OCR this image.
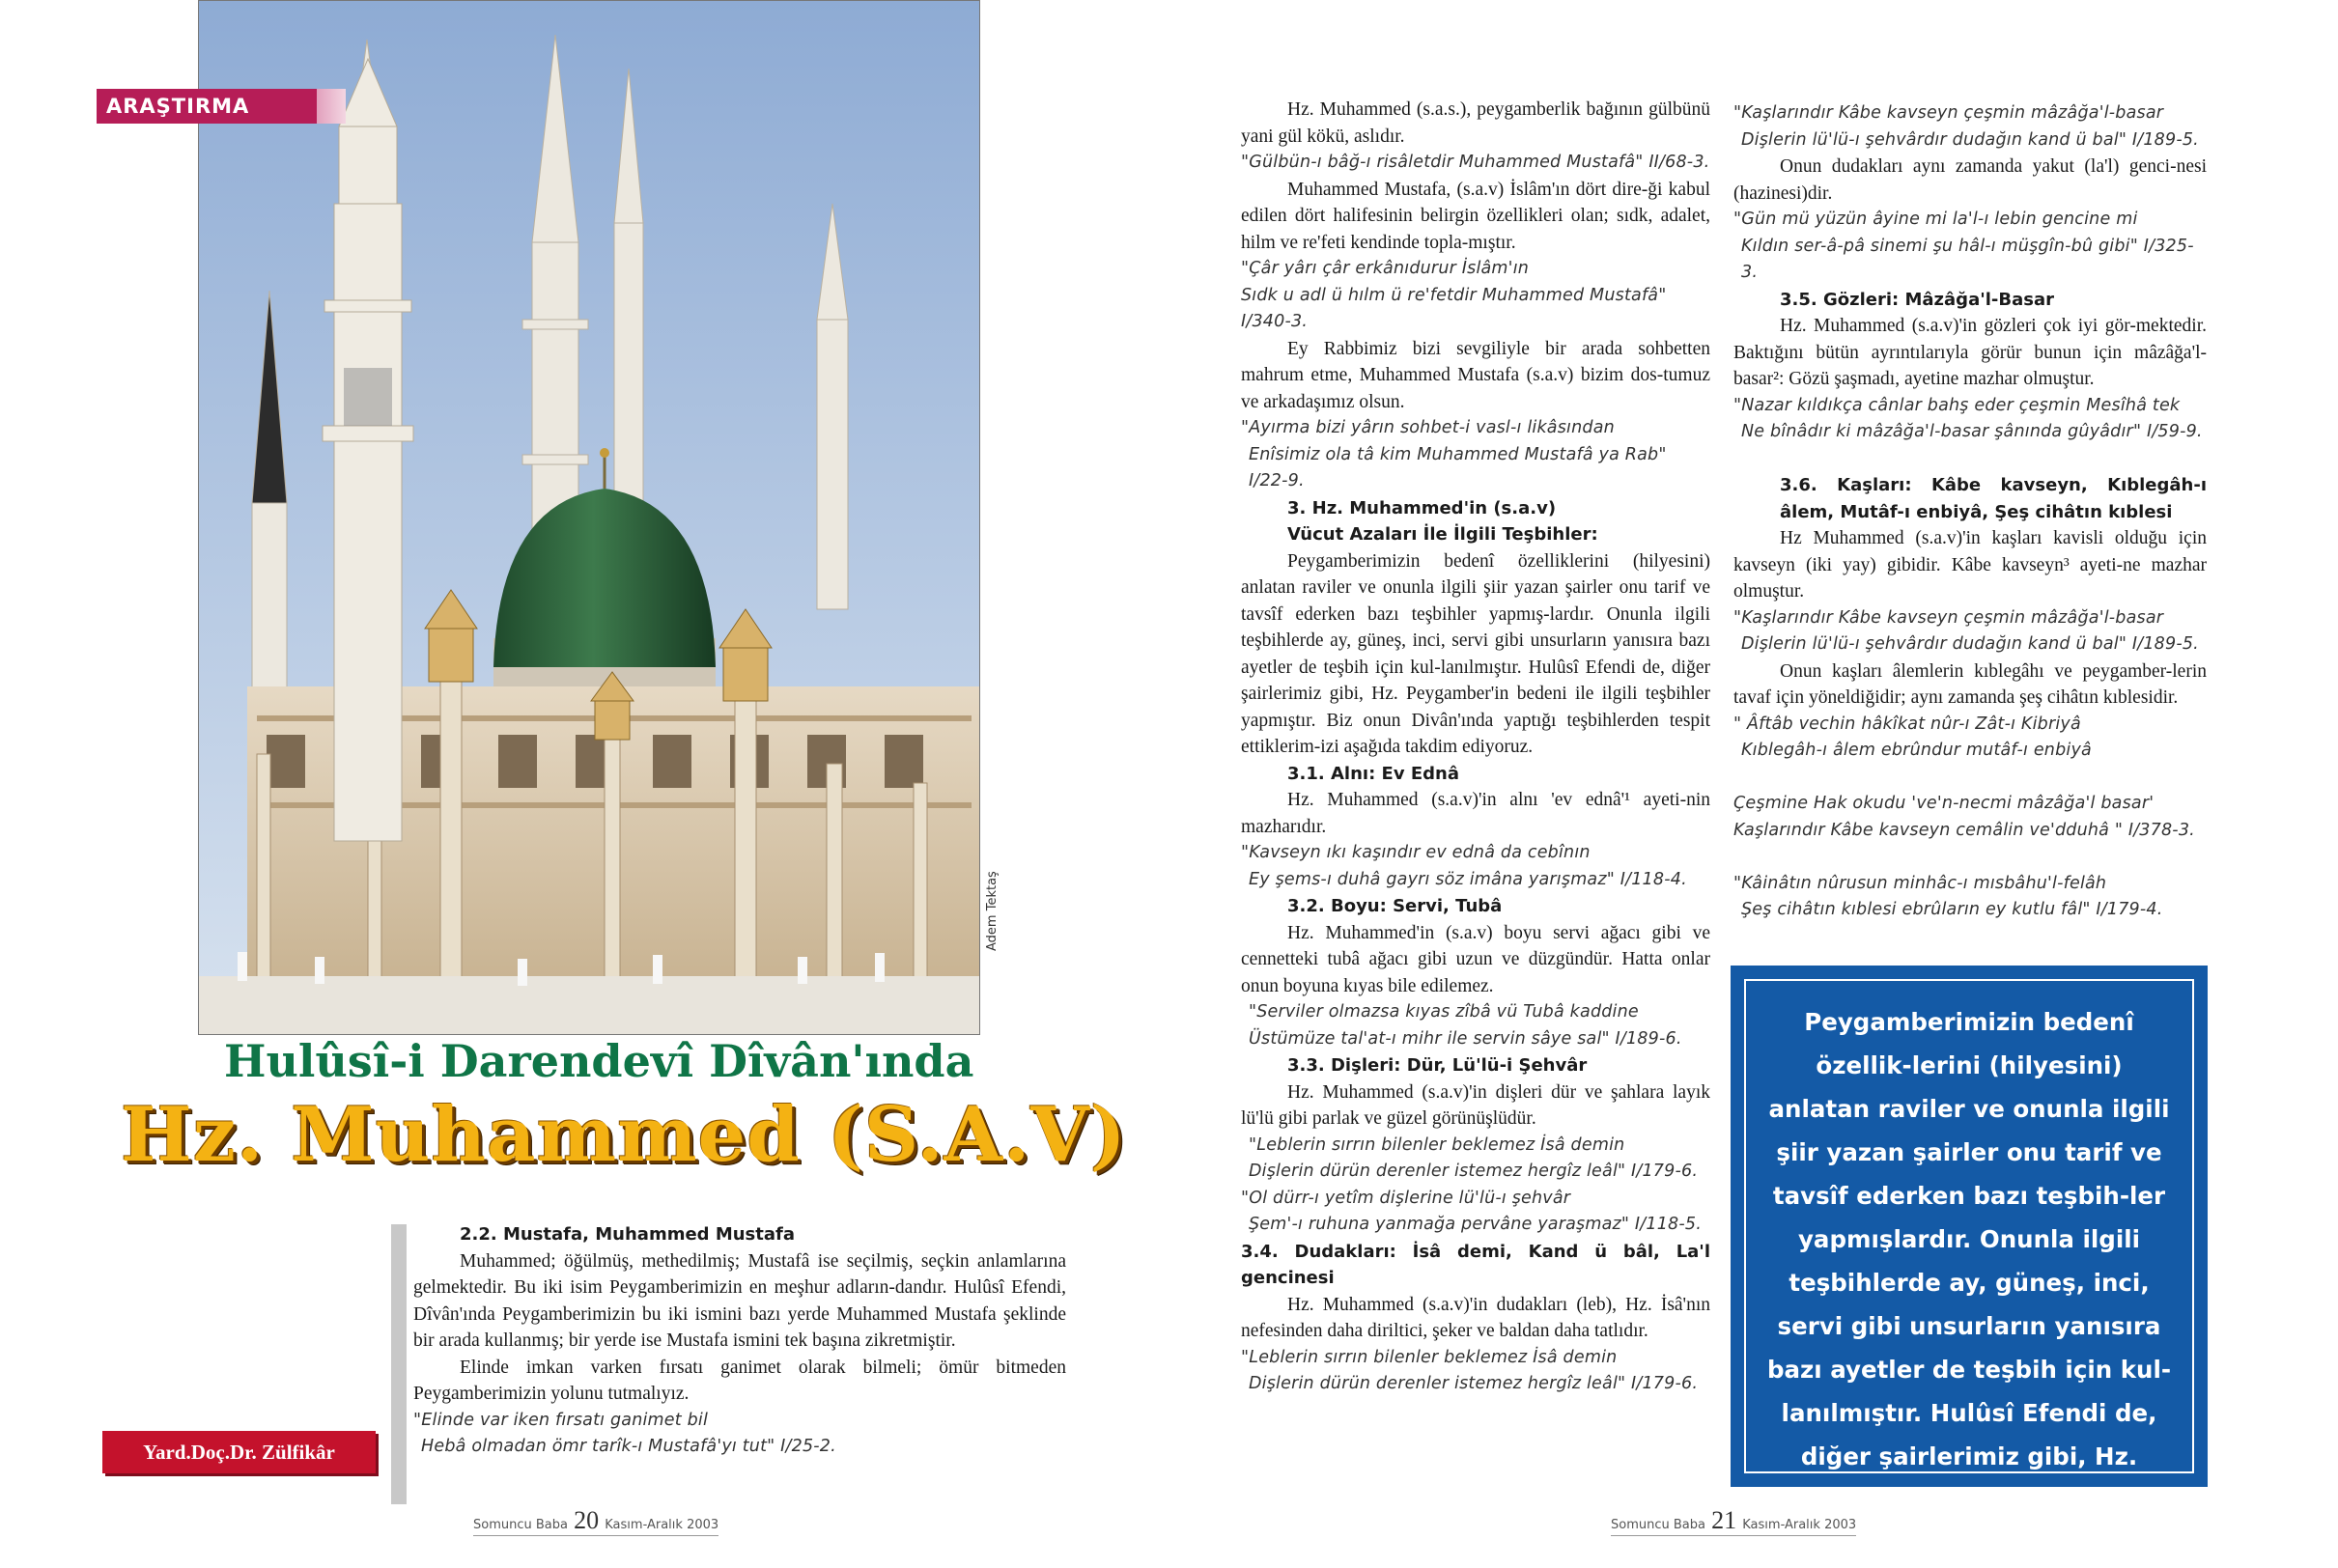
ARAŞTIRMA
Adem Tektaş
Hulûsî-i Darendevî Dîvân'ında
Hz. Muhammed (S.A.V)
Yard.Doç.Dr. Zülfikâr GÜNGÖR
2.2. Mustafa, Muhammed Mustafa

Muhammed; öğülmüş, methedilmiş; Mustafâ ise seçilmiş, seçkin anlamlarına gelmektedir. Bu iki isim Peygamberimizin en meşhur adların-dandır. Hulûsî Efendi, Dîvân'ında Peygamberimizin bu iki ismini bazı yerde Muhammed Mustafa şeklinde bir arada kullanmış; bir yerde ise Mustafa ismini tek başına zikretmiştir.

Elinde imkan varken fırsatı ganimet olarak bilmeli; ömür bitmeden Peygamberimizin yolunu tutmalıyız.

"Elinde var iken fırsatı ganimet bil

Hebâ olmadan ömr tarîk-ı Mustafâ'yı tut" I/25-2.

Somuncu Baba 20 Kasım-Aralık 2003

Hz. Muhammed (s.a.s.), peygamberlik bağının gülbünü yani gül kökü, aslıdır.

"Gülbün-ı bâğ-ı risâletdir Muhammed Mustafâ" II/68-3.

Muhammed Mustafa, (s.a.v) İslâm'ın dört dire-ği kabul edilen dört halifesinin belirgin özellikleri olan; sıdk, adalet, hilm ve re'feti kendinde topla-mıştır.

"Çâr yârı çâr erkânıdurur İslâm'ın

Sıdk u adl ü hılm ü re'fetdir Muhammed Mustafâ" I/340-3.

Ey Rabbimiz bizi sevgiliyle bir arada sohbetten mahrum etme, Muhammed Mustafa (s.a.v) bizim dos-tumuz ve arkadaşımız olsun.

"Ayırma bizi yârın sohbet-i vasl-ı likâsından

Enîsimiz ola tâ kim Muhammed Mustafâ ya Rab" I/22-9.

3. Hz. Muhammed'in (s.a.v)
Vücut Azaları İle İlgili Teşbihler:

Peygamberimizin bedenî özelliklerini (hilyesini) anlatan raviler ve onunla ilgili şiir yazan şairler onu tarif ve tavsîf ederken bazı teşbihler yapmış-lardır. Onunla ilgili teşbihlerde ay, güneş, inci, servi gibi unsurların yanısıra bazı ayetler de teşbih için kul-lanılmıştır. Hulûsî Efendi de, diğer şairlerimiz gibi, Hz. Peygamber'in bedeni ile ilgili teşbihler yapmıştır. Biz onun Divân'ında yaptığı teşbihlerden tespit ettiklerim-izi aşağıda takdim ediyoruz.

3.1. Alnı: Ev Ednâ

Hz. Muhammed (s.a.v)'in alnı 'ev ednâ'¹ ayeti-nin mazharıdır.

"Kavseyn ıkı kaşındır ev ednâ da cebînın

Ey şems-ı duhâ gayrı söz imâna yarışmaz" I/118-4.

3.2. Boyu: Servi, Tubâ

Hz. Muhammed'in (s.a.v) boyu servi ağacı gibi ve cennetteki tubâ ağacı gibi uzun ve düzgündür. Hatta onlar onun boyuna kıyas bile edilemez.

"Serviler olmazsa kıyas zîbâ vü Tubâ kaddine

Üstümüze tal'at-ı mihr ile servin sâye sal" I/189-6.

3.3. Dişleri: Dür, Lü'lü-i Şehvâr

Hz. Muhammed (s.a.v)'in dişleri dür ve şahlara layık lü'lü gibi parlak ve güzel görünüşlüdür.

"Leblerin sırrın bilenler beklemez İsâ demin

Dişlerin dürün derenler istemez hergîz leâl" I/179-6.

"Ol dürr-ı yetîm dişlerine lü'lü-ı şehvâr

Şem'-ı ruhuna yanmağa pervâne yaraşmaz" I/118-5.

3.4. Dudakları: İsâ demi, Kand ü bâl, La'l gencinesi

Hz. Muhammed (s.a.v)'in dudakları (leb), Hz. İsâ'nın nefesinden daha diriltici, şeker ve baldan daha tatlıdır.

"Leblerin sırrın bilenler beklemez İsâ demin

Dişlerin dürün derenler istemez hergîz leâl" I/179-6.

"Kaşlarındır Kâbe kavseyn çeşmin mâzâğa'l-basar

Dişlerin lü'lü-ı şehvârdır dudağın kand ü bal" I/189-5.

Onun dudakları aynı zamanda yakut (la'l) genci-nesi (hazinesi)dir.

"Gün mü yüzün âyine mi la'l-ı lebin gencine mi

Kıldın ser-â-pâ sinemi şu hâl-ı müşgîn-bû gibi" I/325-3.

3.5. Gözleri: Mâzâğa'l-Basar

Hz. Muhammed (s.a.v)'in gözleri çok iyi gör-mektedir. Baktığını bütün ayrıntılarıyla görür bunun için mâzâğa'l-basar²: Gözü şaşmadı, ayetine mazhar olmuştur.

"Nazar kıldıkça cânlar bahş eder çeşmin Mesîhâ tek

Ne bînâdır ki mâzâğa'l-basar şânında gûyâdır" I/59-9.

3.6. Kaşları: Kâbe kavseyn, Kıblegâh-ı âlem, Mutâf-ı enbiyâ, Şeş cihâtın kıblesi

Hz Muhammed (s.a.v)'in kaşları kavisli olduğu için kavseyn (iki yay) gibidir. Kâbe kavseyn³ ayeti-ne mazhar olmuştur.

"Kaşlarındır Kâbe kavseyn çeşmin mâzâğa'l-basar

Dişlerin lü'lü-ı şehvârdır dudağın kand ü bal" I/189-5.

Onun kaşları âlemlerin kıblegâhı ve peygamber-lerin tavaf için yöneldiğidir; aynı zamanda şeş cihâtın kıblesidir.

" Âftâb vechin hâkîkat nûr-ı Zât-ı Kibriyâ

Kıblegâh-ı âlem ebrûndur mutâf-ı enbiyâ

Çeşmine Hak okudu 've'n-necmi mâzâğa'l basar'

Kaşlarındır Kâbe kavseyn cemâlin ve'dduhâ " I/378-3.

"Kâinâtın nûrusun minhâc-ı mısbâhu'l-felâh

Şeş cihâtın kıblesi ebrûların ey kutlu fâl" I/179-4.

Peygamberimizin bedenî özellik-lerini (hilyesini) anlatan raviler ve onunla ilgili şiir yazan şairler onu tarif ve tavsîf ederken bazı teşbih-ler yapmışlardır. Onunla ilgili teşbihlerde ay, güneş, inci, servi gibi unsurların yanısıra bazı ayetler de teşbih için kul-lanılmıştır. Hulûsî Efendi de, diğer şairlerimiz gibi, Hz. Peygamber'in bedeni ile ilgili teşbihler yapmıştır.
Somuncu Baba 21 Kasım-Aralık 2003
